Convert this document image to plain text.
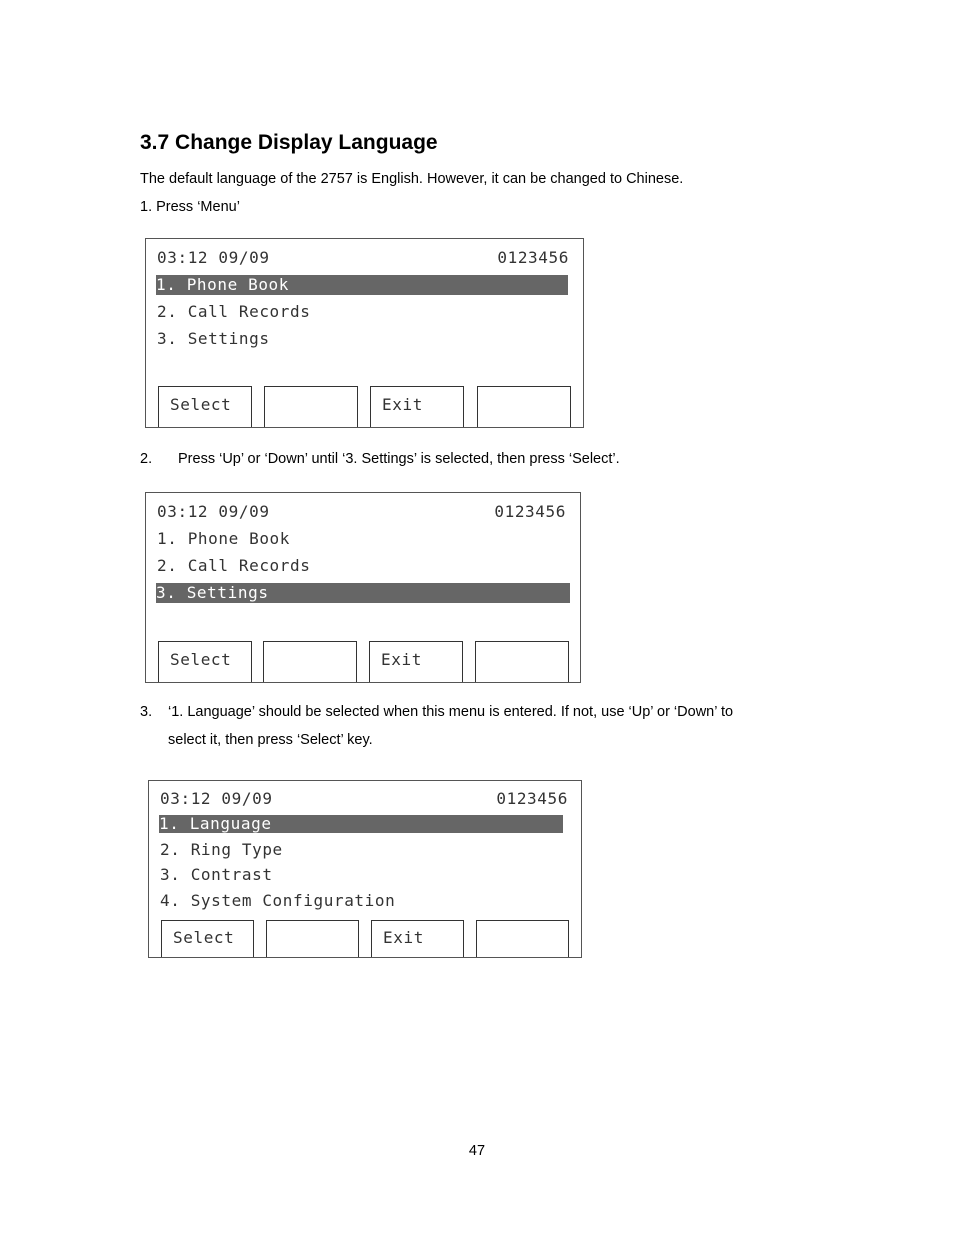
3.7 Change Display Language

The default language of the 2757 is English. However, it can be changed to Chinese.

1. Press ‘Menu’

03:12 09/09	0123456
1. Phone Book
2. Call Records
3. Settings
Select	Exit
2. Press ‘Up’ or ‘Down’ until ‘3. Settings’ is selected, then press ‘Select’.
03:12 09/09	0123456
1. Phone Book
2. Call Records
3. Settings
Select	Exit
3. ‘1. Language’ should be selected when this menu is entered. If not, use ‘Up’ or ‘Down’ to
select it, then press ‘Select’ key.
03:12 09/09	0123456
1. Language
2. Ring Type
3. Contrast
4. System Configuration
Select	Exit
47
